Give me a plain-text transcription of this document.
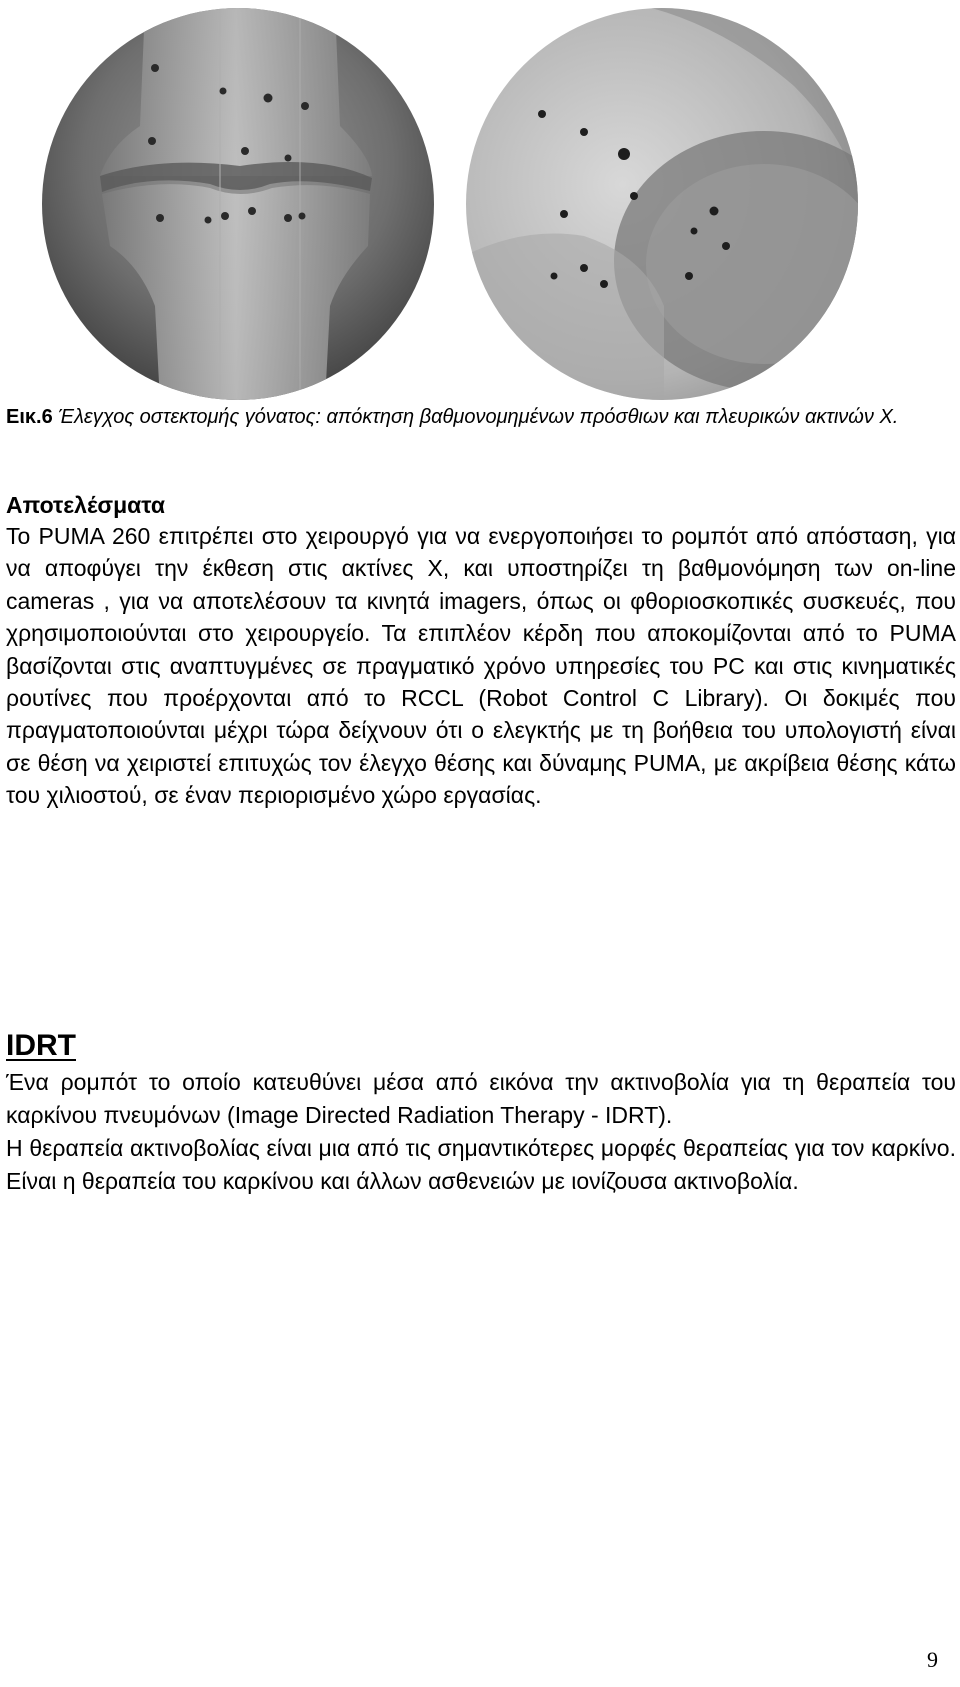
Εικ.6 Έλεγχος οστεκτομής γόνατος: απόκτηση βαθμονομημένων πρόσθιων και πλευρικών ακτινών Χ.
Αποτελέσματα

Το PUMA 260 επιτρέπει στο χειρουργό για να ενεργοποιήσει το ρομπότ από απόσταση, για να αποφύγει την έκθεση στις ακτίνες Χ, και υποστηρίζει τη βαθμονόμηση των on-line cameras , για να αποτελέσουν τα κινητά imagers, όπως οι φθοριοσκοπικές συσκευές, που χρησιμοποιούνται στο χειρουργείο. Τα επιπλέον κέρδη που αποκομίζονται από το PUMA βασίζονται στις αναπτυγμένες σε πραγματικό χρόνο υπηρεσίες του PC και στις κινηματικές ρουτίνες που προέρχονται από το RCCL (Robot Control C Library). Οι δοκιμές που πραγματοποιούνται μέχρι τώρα δείχνουν ότι ο ελεγκτής με τη βοήθεια του υπολογιστή είναι σε θέση να χειριστεί επιτυχώς τον έλεγχο θέσης και δύναμης PUMA, με ακρίβεια θέσης κάτω του χιλιοστού, σε έναν περιορισμένο χώρο εργασίας.

IDRT

Ένα ρομπότ το οποίο κατευθύνει μέσα από εικόνα την ακτινοβολία για τη θεραπεία του καρκίνου πνευμόνων (Image Directed Radiation Therapy - IDRT).

Η θεραπεία ακτινοβολίας είναι μια από τις σημαντικότερες μορφές θεραπείας για τον καρκίνο. Είναι η θεραπεία του καρκίνου και άλλων ασθενειών με ιονίζουσα ακτινοβολία.

9
